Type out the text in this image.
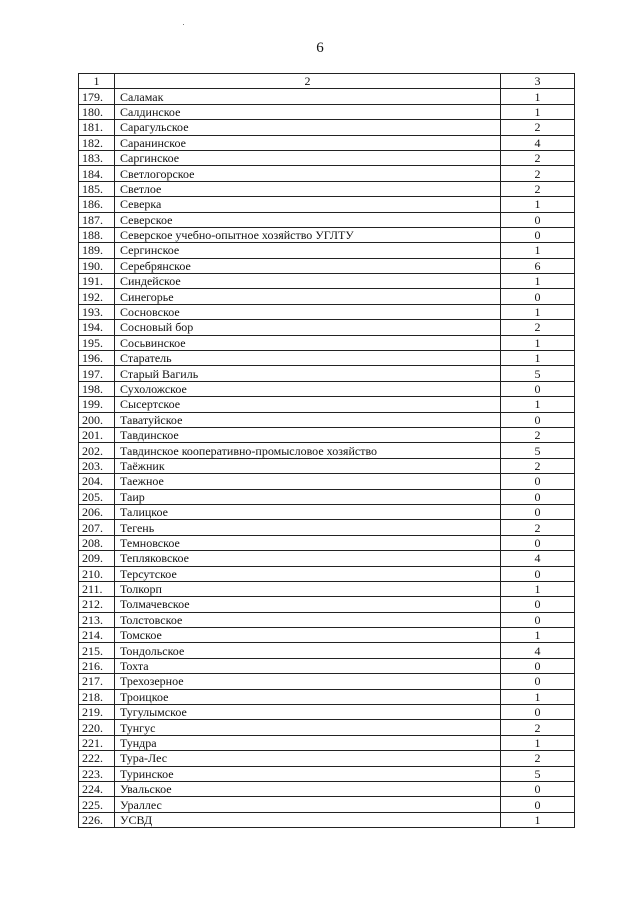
6
1	2	3
179.	Саламак	1
180.	Салдинское	1
181.	Сарагульское	2
182.	Саранинское	4
183.	Саргинское	2
184.	Светлогорское	2
185.	Светлое	2
186.	Северка	1
187.	Северское	0
188.	Северское учебно-опытное хозяйство УГЛТУ	0
189.	Сергинское	1
190.	Серебрянское	6
191.	Синдейское	1
192.	Синегорье	0
193.	Сосновское	1
194.	Сосновый бор	2
195.	Сосьвинское	1
196.	Старатель	1
197.	Старый Вагиль	5
198.	Сухоложское	0
199.	Сысертское	1
200.	Таватуйское	0
201.	Тавдинское	2
202.	Тавдинское кооперативно-промысловое хозяйство	5
203.	Таёжник	2
204.	Таежное	0
205.	Таир	0
206.	Талицкое	0
207.	Тегень	2
208.	Темновское	0
209.	Тепляковское	4
210.	Терсутское	0
211.	Толкорп	1
212.	Толмачевское	0
213.	Толстовское	0
214.	Томское	1
215.	Тондольское	4
216.	Тохта	0
217.	Трехозерное	0
218.	Троицкое	1
219.	Тугулымское	0
220.	Тунгус	2
221.	Тундра	1
222.	Тура-Лес	2
223.	Туринское	5
224.	Увальское	0
225.	Ураллес	0
226.	УСВД	1
